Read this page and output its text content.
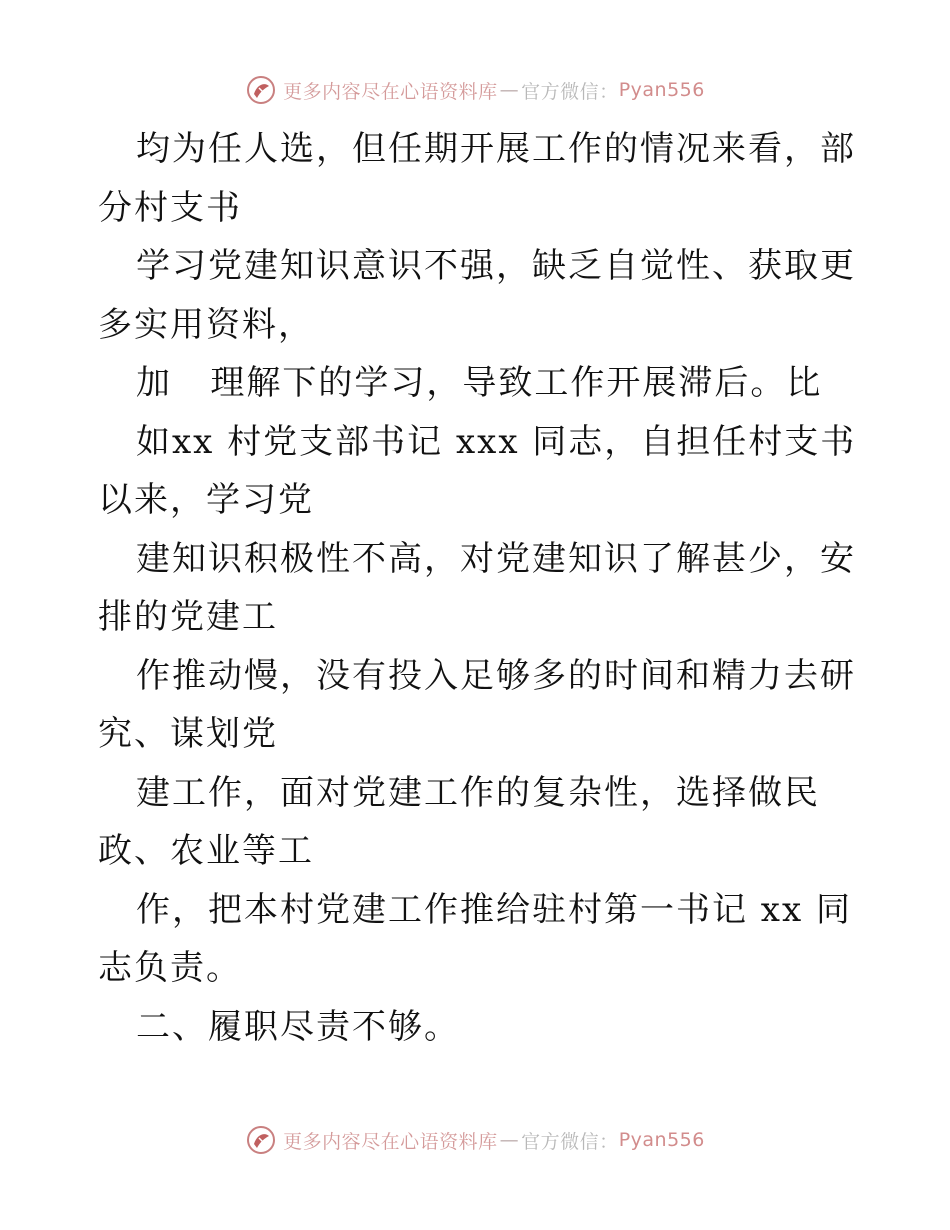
更多内容尽在心语资料库 — 官方微信： Pyan556

均为任人选，但任期开展工作的情况来看，部分村支书

学习党建知识意识不强，缺乏自觉性、获取更多实用资料，

加   理解下的学习，导致工作开展滞后。比

如xx 村党支部书记 xxx 同志，自担任村支书以来，学习党

建知识积极性不高，对党建知识了解甚少，安排的党建工

作推动慢，没有投入足够多的时间和精力去研究、谋划党

建工作，面对党建工作的复杂性，选择做民政、农业等工

作，把本村党建工作推给驻村第一书记 xx 同志负责。

二、履职尽责不够。

更多内容尽在心语资料库 — 官方微信： Pyan556
